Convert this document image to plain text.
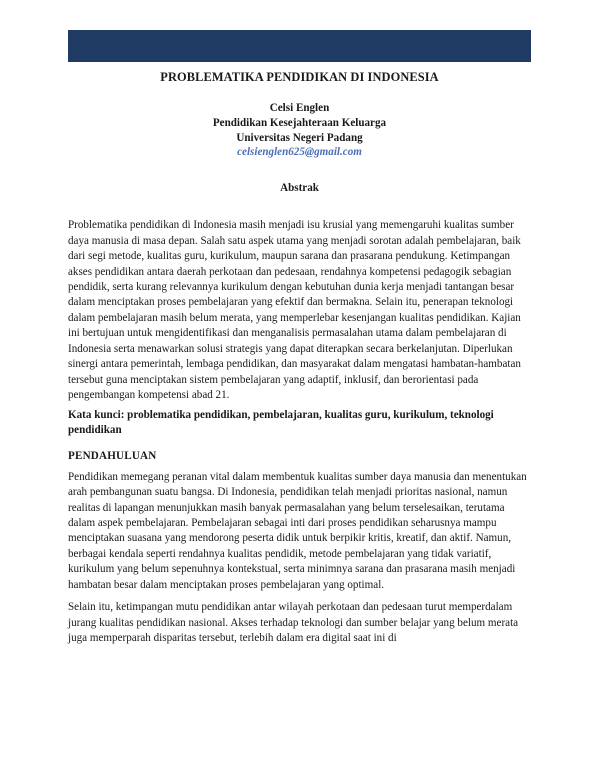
PROBLEMATIKA PENDIDIKAN DI INDONESIA
Celsi Englen
Pendidikan Kesejahteraan Keluarga
Universitas Negeri Padang
celsienglen625@gmail.com
Abstrak

Problematika pendidikan di Indonesia masih menjadi isu krusial yang memengaruhi kualitas sumber daya manusia di masa depan. Salah satu aspek utama yang menjadi sorotan adalah pembelajaran, baik dari segi metode, kualitas guru, kurikulum, maupun sarana dan prasarana pendukung. Ketimpangan akses pendidikan antara daerah perkotaan dan pedesaan, rendahnya kompetensi pedagogik sebagian pendidik, serta kurang relevannya kurikulum dengan kebutuhan dunia kerja menjadi tantangan besar dalam menciptakan proses pembelajaran yang efektif dan bermakna. Selain itu, penerapan teknologi dalam pembelajaran masih belum merata, yang memperlebar kesenjangan kualitas pendidikan. Kajian ini bertujuan untuk mengidentifikasi dan menganalisis permasalahan utama dalam pembelajaran di Indonesia serta menawarkan solusi strategis yang dapat diterapkan secara berkelanjutan. Diperlukan sinergi antara pemerintah, lembaga pendidikan, dan masyarakat dalam mengatasi hambatan-hambatan tersebut guna menciptakan sistem pembelajaran yang adaptif, inklusif, dan berorientasi pada pengembangan kompetensi abad 21.

Kata kunci: problematika pendidikan, pembelajaran, kualitas guru, kurikulum, teknologi pendidikan
PENDAHULUAN

Pendidikan memegang peranan vital dalam membentuk kualitas sumber daya manusia dan menentukan arah pembangunan suatu bangsa. Di Indonesia, pendidikan telah menjadi prioritas nasional, namun realitas di lapangan menunjukkan masih banyak permasalahan yang belum terselesaikan, terutama dalam aspek pembelajaran. Pembelajaran sebagai inti dari proses pendidikan seharusnya mampu menciptakan suasana yang mendorong peserta didik untuk berpikir kritis, kreatif, dan aktif. Namun, berbagai kendala seperti rendahnya kualitas pendidik, metode pembelajaran yang tidak variatif, kurikulum yang belum sepenuhnya kontekstual, serta minimnya sarana dan prasarana masih menjadi hambatan besar dalam menciptakan proses pembelajaran yang optimal.

Selain itu, ketimpangan mutu pendidikan antar wilayah perkotaan dan pedesaan turut memperdalam jurang kualitas pendidikan nasional. Akses terhadap teknologi dan sumber belajar yang belum merata juga memperparah disparitas tersebut, terlebih dalam era digital saat ini di
